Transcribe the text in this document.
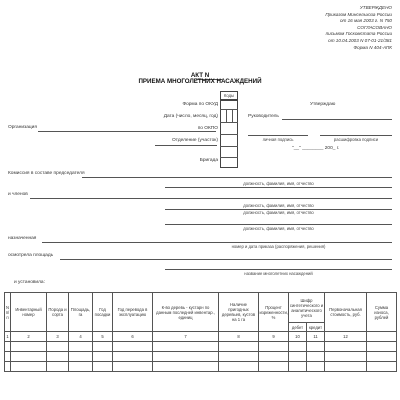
УТВЕРЖДЕНО
Приказом Минсельхоза России
от 16 мая 2003 г. N 750
СОГЛАСОВАНО
письмом Госкомстата России
от 10.04.2003 N 07-01-21/381
Форма N 404-АПК
АКТ N
ПРИЕМА МНОГОЛЕТНИХ НАСАЖДЕНИЙ
Коды
Форма по ОКУД
Дата (число, месяц, год)
по ОКПО
Отделение (участок)
Бригада
Организация
Утверждаю
Руководитель
личная подпись	расшифровка подписи
"__" ________ 200_ г.
Комиссия в составе председателя
должность, фамилия, имя, отчество
и членов
должность, фамилия, имя, отчество
должность, фамилия, имя, отчество
должность, фамилия, имя, отчество
назначенная
номер и дата приказа (распоряжения, решения)
осмотрела площадь
название многолетних насаждений
и установила:
N п/п	Инвентарный номер	Порода и сорта	Площадь, га	Год посадки	Год перевода в эксплуатацию	К-во деревь - кустарн по данным последней инвентар., единиц	Наличие пригодных деревьев, кустов на 1 га	Процент изреженности, %	Шифр синтетического и аналитического учета		Первоначальная стоимость, руб.	Сумма износа, рублей
									дебет	кредит		
1	2	3	4	5	6	7	8	9	10	11	12	
